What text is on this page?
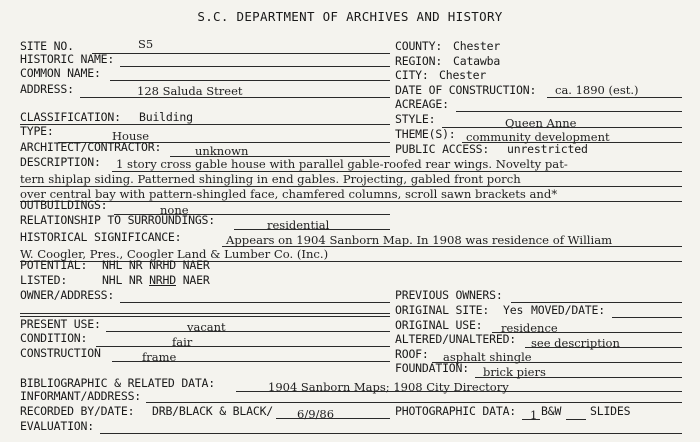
S.C. DEPARTMENT OF ARCHIVES AND HISTORY
SITE NO.	S5
HISTORIC NAME:
COMMON NAME:
ADDRESS:	128 Saluda Street
CLASSIFICATION: Building
TYPE:	House
ARCHITECT/CONTRACTOR:	unknown
DESCRIPTION: 1 story cross gable house with parallel gable-roofed rear wings. Novelty pat-
tern shiplap siding. Patterned shingling in end gables. Projecting, gabled front porch
over central bay with pattern-shingled face, chamfered columns, scroll sawn brackets and*
OUTBUILDINGS:	none
RELATIONSHIP TO SURROUNDINGS:	residential
HISTORICAL SIGNIFICANCE:	Appears on 1904 Sanborn Map. In 1908 was residence of William
W. Coogler, Pres., Coogler Land & Lumber Co. (Inc.)
POTENTIAL: NHL NR NRHD NAER
LISTED:	NHL NR NRHD NAER
OWNER/ADDRESS:
PRESENT USE:	vacant
CONDITION:	fair
CONSTRUCTION	frame
BIBLIOGRAPHIC & RELATED DATA:	1904 Sanborn Maps; 1908 City Directory
INFORMANT/ADDRESS:
RECORDED BY/DATE: DRB/BLACK & BLACK/ 6/9/86
EVALUATION:
COUNTY: Chester
REGION: Catawba
CITY: Chester
DATE OF CONSTRUCTION: ca. 1890 (est.)
ACREAGE:
STYLE:	Queen Anne
THEME(S): community development
PUBLIC ACCESS: unrestricted
PREVIOUS OWNERS:
ORIGINAL SITE: Yes MOVED/DATE:
ORIGINAL USE: residence
ALTERED/UNALTERED: see description
ROOF: asphalt shingle
FOUNDATION: brick piers
PHOTOGRAPHIC DATA: 1 B&W	SLIDES
